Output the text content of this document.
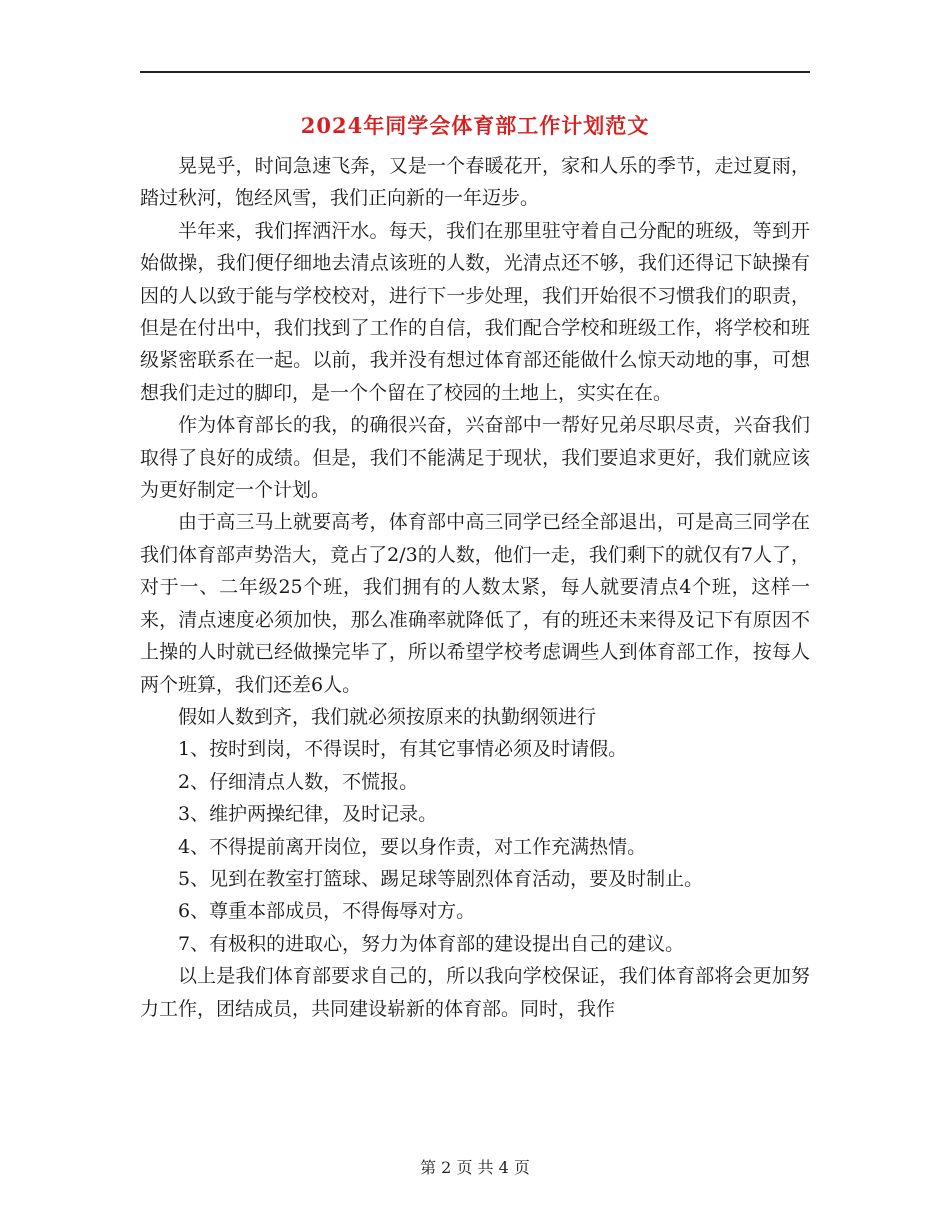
2024年同学会体育部工作计划范文

晃晃乎，时间急速飞奔，又是一个春暖花开，家和人乐的季节，走过夏雨，踏过秋河，饱经风雪，我们正向新的一年迈步。

半年来，我们挥洒汗水。每天，我们在那里驻守着自己分配的班级，等到开始做操，我们便仔细地去清点该班的人数，光清点还不够，我们还得记下缺操有因的人以致于能与学校校对，进行下一步处理，我们开始很不习惯我们的职责，但是在付出中，我们找到了工作的自信，我们配合学校和班级工作，将学校和班级紧密联系在一起。以前，我并没有想过体育部还能做什么惊天动地的事，可想想我们走过的脚印，是一个个留在了校园的土地上，实实在在。

作为体育部长的我，的确很兴奋，兴奋部中一帮好兄弟尽职尽责，兴奋我们取得了良好的成绩。但是，我们不能满足于现状，我们要追求更好，我们就应该为更好制定一个计划。

由于高三马上就要高考，体育部中高三同学已经全部退出，可是高三同学在我们体育部声势浩大，竟占了2/3的人数，他们一走，我们剩下的就仅有7人了，对于一、二年级25个班，我们拥有的人数太紧，每人就要清点4个班，这样一来，清点速度必须加快，那么准确率就降低了，有的班还未来得及记下有原因不上操的人时就已经做操完毕了，所以希望学校考虑调些人到体育部工作，按每人两个班算，我们还差6人。

假如人数到齐，我们就必须按原来的执勤纲领进行

1、按时到岗，不得误时，有其它事情必须及时请假。

2、仔细清点人数，不慌报。

3、维护两操纪律，及时记录。

4、不得提前离开岗位，要以身作责，对工作充满热情。

5、见到在教室打篮球、踢足球等剧烈体育活动，要及时制止。

6、尊重本部成员，不得侮辱对方。

7、有极积的进取心，努力为体育部的建设提出自己的建议。

以上是我们体育部要求自己的，所以我向学校保证，我们体育部将会更加努力工作，团结成员，共同建设崭新的体育部。同时，我作

第 2 页 共 4 页
